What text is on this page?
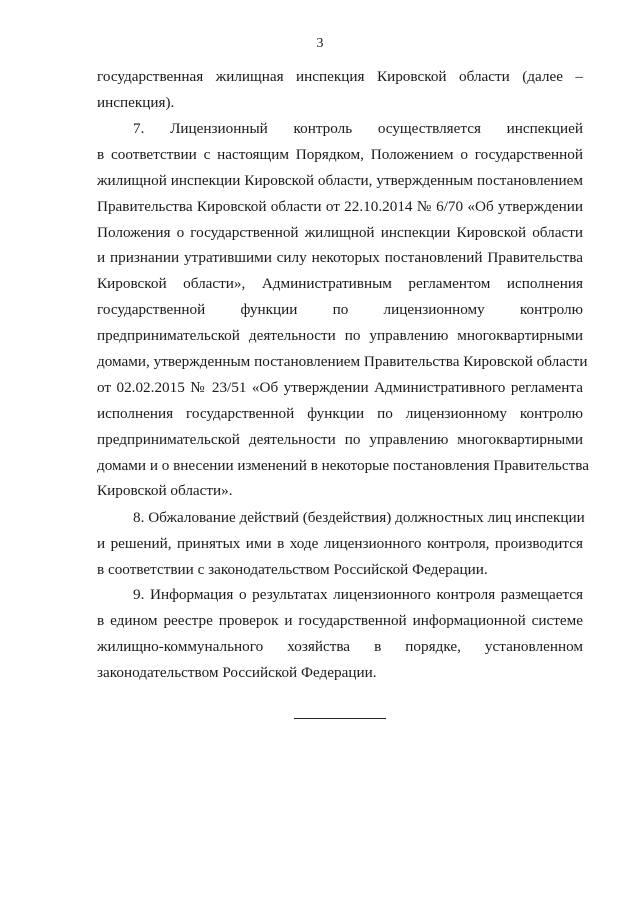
3
государственная жилищная инспекция Кировской области (далее –
инспекция).
7. Лицензионный контроль осуществляется инспекцией
в соответствии с настоящим Порядком, Положением о государственной
жилищной инспекции Кировской области, утвержденным постановлением
Правительства Кировской области от 22.10.2014 № 6/70 «Об утверждении
Положения о государственной жилищной инспекции Кировской области
и признании утратившими силу некоторых постановлений Правительства
Кировской области», Административным регламентом исполнения
государственной функции по лицензионному контролю
предпринимательской деятельности по управлению многоквартирными
домами, утвержденным постановлением Правительства Кировской области
от 02.02.2015 № 23/51 «Об утверждении Административного регламента
исполнения государственной функции по лицензионному контролю
предпринимательской деятельности по управлению многоквартирными
домами и о внесении изменений в некоторые постановления Правительства
Кировской области».
8. Обжалование действий (бездействия) должностных лиц инспекции
и решений, принятых ими в ходе лицензионного контроля, производится
в соответствии с законодательством Российской Федерации.
9. Информация о результатах лицензионного контроля размещается
в едином реестре проверок и государственной информационной системе
жилищно-коммунального хозяйства в порядке, установленном
законодательством Российской Федерации.
